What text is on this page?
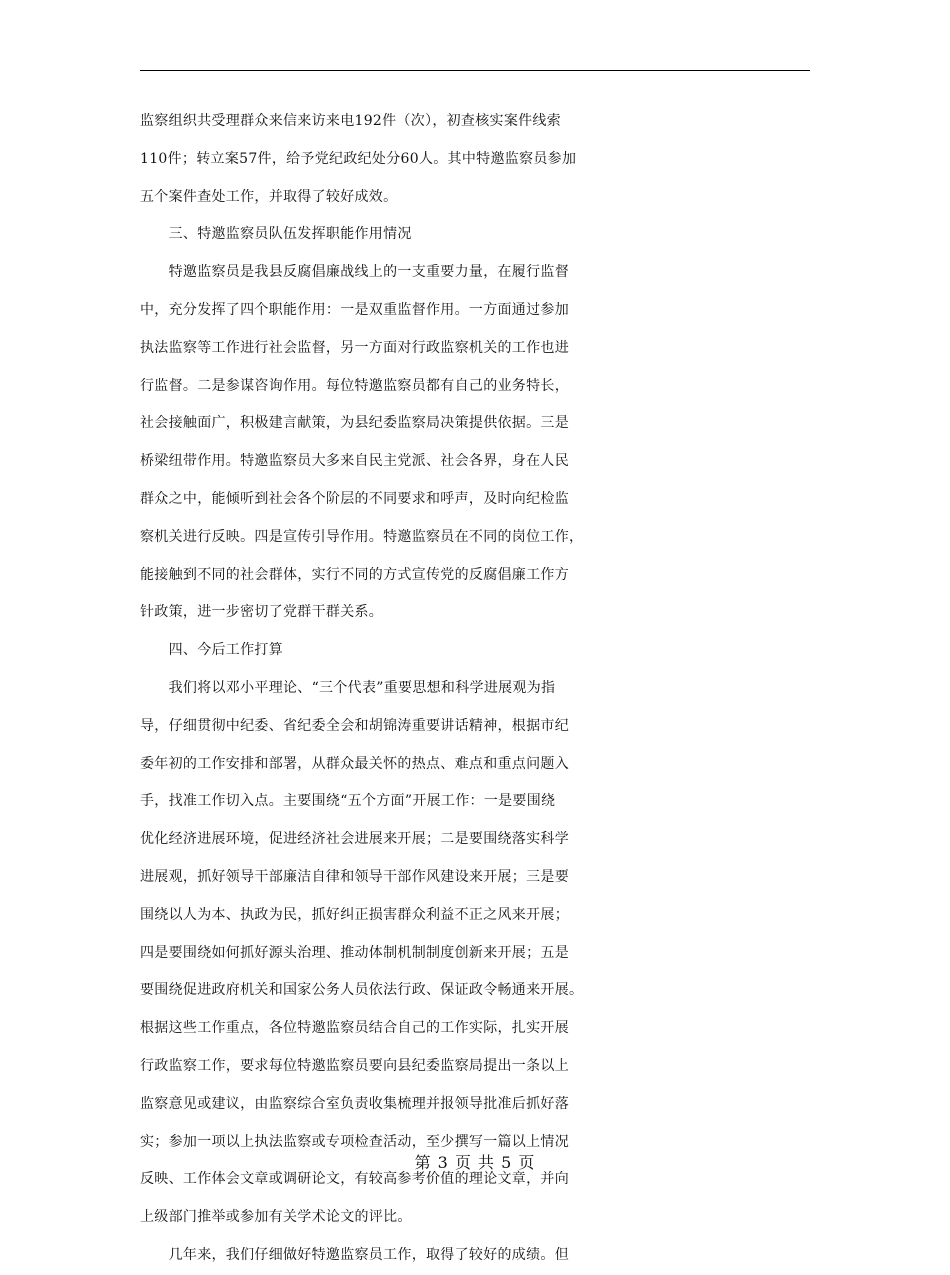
监察组织共受理群众来信来访来电192件（次），初查核实案件线索
110件；转立案57件，给予党纪政纪处分60人。其中特邀监察员参加
五个案件查处工作，并取得了较好成效。
　　三、特邀监察员队伍发挥职能作用情况
　　特邀监察员是我县反腐倡廉战线上的一支重要力量，在履行监督
中，充分发挥了四个职能作用：一是双重监督作用。一方面通过参加
执法监察等工作进行社会监督，另一方面对行政监察机关的工作也进
行监督。二是参谋咨询作用。每位特邀监察员都有自己的业务特长，
社会接触面广，积极建言献策，为县纪委监察局决策提供依据。三是
桥梁纽带作用。特邀监察员大多来自民主党派、社会各界，身在人民
群众之中，能倾听到社会各个阶层的不同要求和呼声，及时向纪检监
察机关进行反映。四是宣传引导作用。特邀监察员在不同的岗位工作，
能接触到不同的社会群体，实行不同的方式宣传党的反腐倡廉工作方
针政策，进一步密切了党群干群关系。
　　四、今后工作打算
　　我们将以邓小平理论、“三个代表”重要思想和科学进展观为指
导，仔细贯彻中纪委、省纪委全会和胡锦涛重要讲话精神，根据市纪
委年初的工作安排和部署，从群众最关怀的热点、难点和重点问题入
手，找准工作切入点。主要围绕“五个方面”开展工作：一是要围绕
优化经济进展环境，促进经济社会进展来开展；二是要围绕落实科学
进展观，抓好领导干部廉洁自律和领导干部作风建设来开展；三是要
围绕以人为本、执政为民，抓好纠正损害群众利益不正之风来开展；
四是要围绕如何抓好源头治理、推动体制机制制度创新来开展；五是
要围绕促进政府机关和国家公务人员依法行政、保证政令畅通来开展。
根据这些工作重点，各位特邀监察员结合自己的工作实际，扎实开展
行政监察工作，要求每位特邀监察员要向县纪委监察局提出一条以上
监察意见或建议，由监察综合室负责收集梳理并报领导批准后抓好落
实；参加一项以上执法监察或专项检查活动，至少撰写一篇以上情况
反映、工作体会文章或调研论文，有较高参考价值的理论文章，并向
上级部门推举或参加有关学术论文的评比。
　　几年来，我们仔细做好特邀监察员工作，取得了较好的成绩。但
第 3 页 共 5 页
